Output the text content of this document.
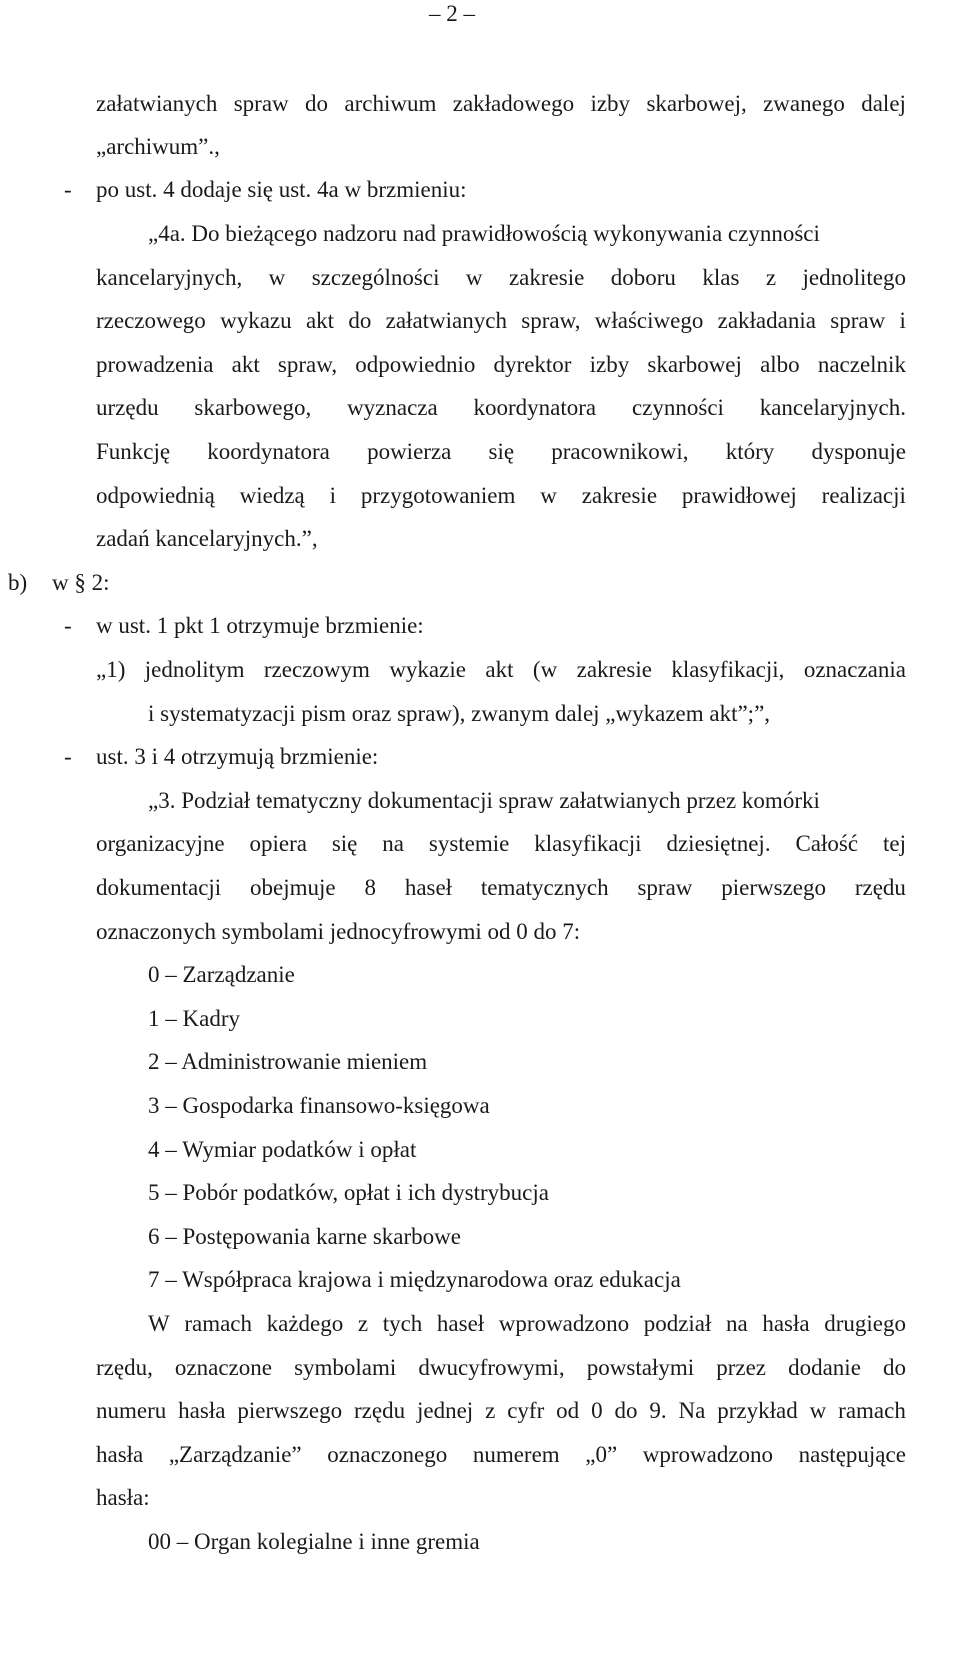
– 2 –
załatwianych spraw do archiwum zakładowego izby skarbowej, zwanego dalej
„archiwum”.,
- po ust. 4 dodaje się ust. 4a w brzmieniu:
„4a. Do bieżącego nadzoru nad prawidłowością wykonywania czynności
kancelaryjnych, w szczególności w zakresie doboru klas z jednolitego
rzeczowego wykazu akt do załatwianych spraw, właściwego zakładania spraw i
prowadzenia akt spraw, odpowiednio dyrektor izby skarbowej albo naczelnik
urzędu skarbowego, wyznacza koordynatora czynności kancelaryjnych.
Funkcję koordynatora powierza się pracownikowi, który dysponuje
odpowiednią wiedzą i przygotowaniem w zakresie prawidłowej realizacji
zadań kancelaryjnych.”,
b) w § 2:
- w ust. 1 pkt 1 otrzymuje brzmienie:
„1) jednolitym rzeczowym wykazie akt (w zakresie klasyfikacji, oznaczania
i systematyzacji pism oraz spraw), zwanym dalej „wykazem akt”;”,
- ust. 3 i 4 otrzymują brzmienie:
„3. Podział tematyczny dokumentacji spraw załatwianych przez komórki
organizacyjne opiera się na systemie klasyfikacji dziesiętnej. Całość tej
dokumentacji obejmuje 8 haseł tematycznych spraw pierwszego rzędu
oznaczonych symbolami jednocyfrowymi od 0 do 7:
0 – Zarządzanie
1 – Kadry
2 – Administrowanie mieniem
3 – Gospodarka finansowo-księgowa
4 – Wymiar podatków i opłat
5 – Pobór podatków, opłat i ich dystrybucja
6 – Postępowania karne skarbowe
7 – Współpraca krajowa i międzynarodowa oraz edukacja
W ramach każdego z tych haseł wprowadzono podział na hasła drugiego
rzędu, oznaczone symbolami dwucyfrowymi, powstałymi przez dodanie do
numeru hasła pierwszego rzędu jednej z cyfr od 0 do 9. Na przykład w ramach
hasła „Zarządzanie” oznaczonego numerem „0” wprowadzono następujące
hasła:
00 – Organ kolegialne i inne gremia
